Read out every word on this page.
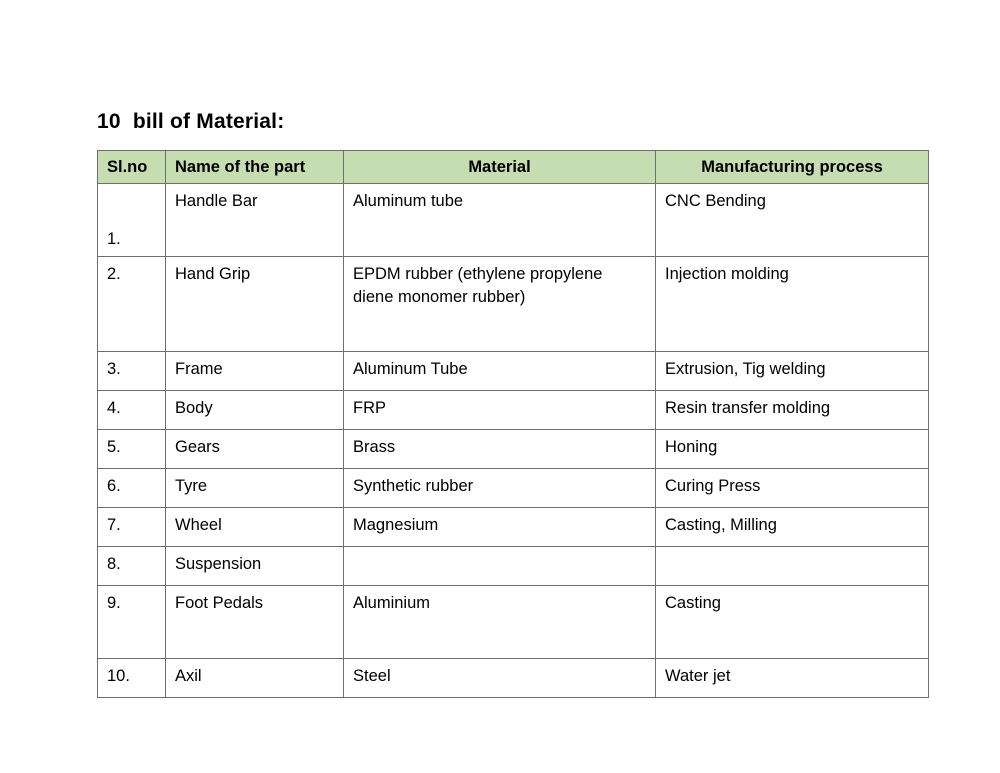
10  bill of Material:
Sl.no	Name of the part	Material	Manufacturing process
1.	Handle Bar	Aluminum tube	CNC Bending
2.	Hand Grip	EPDM rubber (ethylene propylene diene monomer rubber)	Injection molding
3.	Frame	Aluminum Tube	Extrusion, Tig welding
4.	Body	FRP	Resin transfer molding
5.	Gears	Brass	Honing
6.	Tyre	Synthetic rubber	Curing Press
7.	Wheel	Magnesium	Casting, Milling
8.	Suspension		
9.	Foot Pedals	Aluminium	Casting
10.	Axil	Steel	Water jet
